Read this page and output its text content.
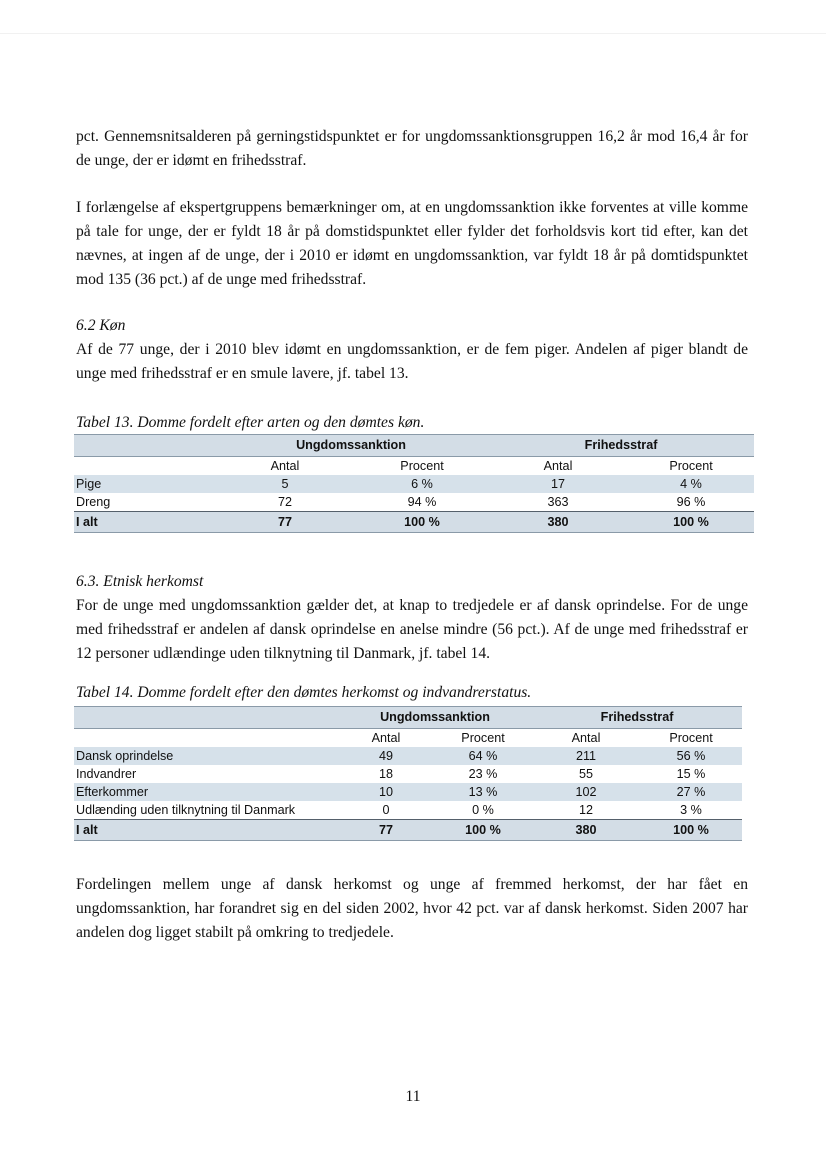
pct. Gennemsnitsalderen på gerningstidspunktet er for ungdomssanktionsgruppen 16,2 år mod 16,4 år for de unge, der er idømt en frihedsstraf.

I forlængelse af ekspertgruppens bemærkninger om, at en ungdomssanktion ikke forventes at ville komme på tale for unge, der er fyldt 18 år på domstidspunktet eller fylder det forholdsvis kort tid efter, kan det nævnes, at ingen af de unge, der i 2010 er idømt en ungdomssanktion, var fyldt 18 år på domtidspunktet mod 135 (36 pct.) af de unge med frihedsstraf.

6.2 Køn

Af de 77 unge, der i 2010 blev idømt en ungdomssanktion, er de fem piger. Andelen af piger blandt de unge med frihedsstraf er en smule lavere, jf. tabel 13.

Tabel 13. Domme fordelt efter arten og den dømtes køn.
	Ungdomssanktion		Frihedsstraf	
	Antal	Procent	Antal	Procent
Pige	5	6 %	17	4 %
Dreng	72	94 %	363	96 %
I alt	77	100 %	380	100 %
6.3. Etnisk herkomst

For de unge med ungdomssanktion gælder det, at knap to tredjedele er af dansk oprindelse. For de unge med frihedsstraf er andelen af dansk oprindelse en anelse mindre (56 pct.). Af de unge med frihedsstraf er 12 personer udlændinge uden tilknytning til Danmark, jf. tabel 14.

Tabel 14. Domme fordelt efter den dømtes herkomst og indvandrerstatus.
	Ungdomssanktion		Frihedsstraf	
	Antal	Procent	Antal	Procent
Dansk oprindelse	49	64 %	211	56 %
Indvandrer	18	23 %	55	15 %
Efterkommer	10	13 %	102	27 %
Udlænding uden tilknytning til Danmark	0	0 %	12	3 %
I alt	77	100 %	380	100 %

Fordelingen mellem unge af dansk herkomst og unge af fremmed herkomst, der har fået en ungdomssanktion, har forandret sig en del siden 2002, hvor 42 pct. var af dansk herkomst. Siden 2007 har andelen dog ligget stabilt på omkring to tredjedele.

11
